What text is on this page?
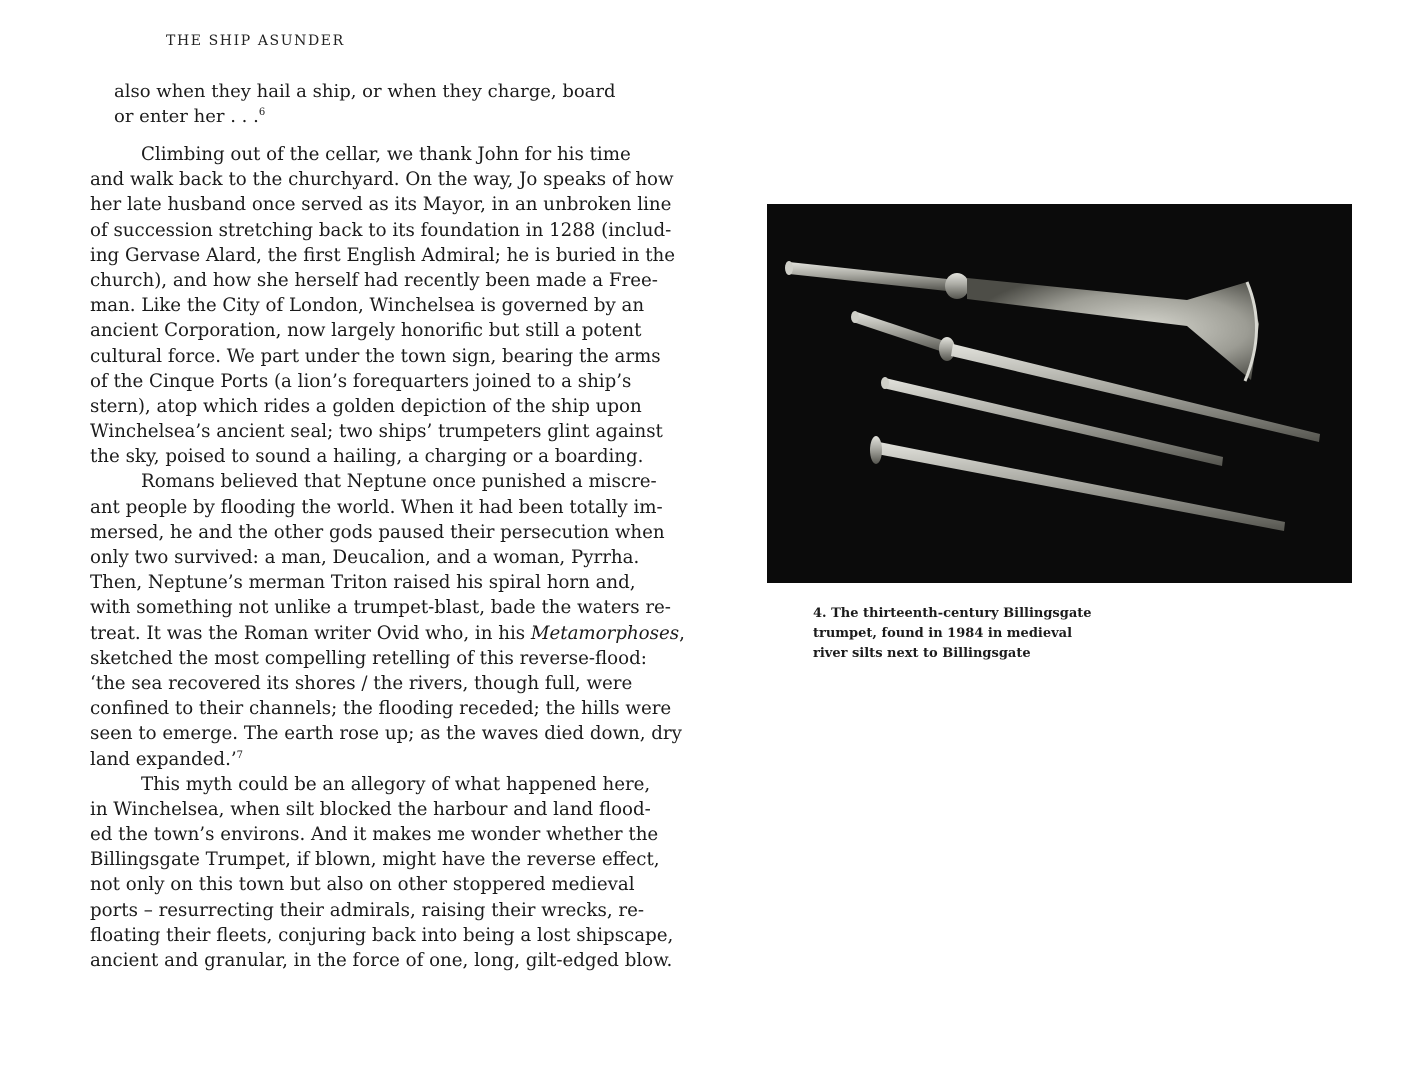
THE SHIP ASUNDER
also when they hail a ship, or when they charge, board
or enter her . . .$^6$
Climbing out of the cellar, we thank John for his time
and walk back to the churchyard. On the way, Jo speaks of how
her late husband once served as its Mayor, in an unbroken line
of succession stretching back to its foundation in 1288 (includ-
ing Gervase Alard, the first English Admiral; he is buried in the
church), and how she herself had recently been made a Free-
man. Like the City of London, Winchelsea is governed by an
ancient Corporation, now largely honorific but still a potent
cultural force. We part under the town sign, bearing the arms
of the Cinque Ports (a lion’s forequarters joined to a ship’s
stern), atop which rides a golden depiction of the ship upon
Winchelsea’s ancient seal; two ships’ trumpeters glint against
the sky, poised to sound a hailing, a charging or a boarding.
Romans believed that Neptune once punished a miscre-
ant people by flooding the world. When it had been totally im-
mersed, he and the other gods paused their persecution when
only two survived: a man, Deucalion, and a woman, Pyrrha.
Then, Neptune’s merman Triton raised his spiral horn and,
with something not unlike a trumpet-blast, bade the waters re-
treat. It was the Roman writer Ovid who, in his Metamorphoses,
sketched the most compelling retelling of this reverse-flood:
‘the sea recovered its shores / the rivers, though full, were
confined to their channels; the flooding receded; the hills were
seen to emerge. The earth rose up; as the waves died down, dry
land expanded.’$^7$
This myth could be an allegory of what happened here,
in Winchelsea, when silt blocked the harbour and land flood-
ed the town’s environs. And it makes me wonder whether the
Billingsgate Trumpet, if blown, might have the reverse effect,
not only on this town but also on other stoppered medieval
ports – resurrecting their admirals, raising their wrecks, re-
floating their fleets, conjuring back into being a lost shipscape,
ancient and granular, in the force of one, long, gilt-edged blow.
4. The thirteenth-century Billingsgate
trumpet, found in 1984 in medieval
river silts next to Billingsgate
